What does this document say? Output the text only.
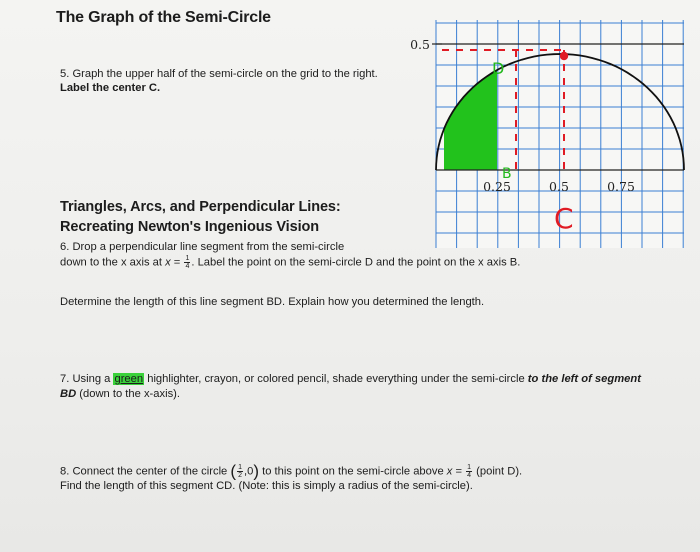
The Graph of the Semi-Circle
5. Graph the upper half of the semi-circle on the grid to the right. Label the center C.
0.5
0.25	0.5	0.75
D
B
C
Triangles, Arcs, and Perpendicular Lines:
Recreating Newton's Ingenious Vision
6. Drop a perpendicular line segment from the semi-circle
down to the x axis at $x = \frac{1}{4}$ . Label the point on the semi-circle D and the point on the x axis B.
Determine the length of this line segment BD. Explain how you determined the length.
7. Using a green highlighter, crayon, or colored pencil, shade everything under the semi-circle to the left of segment BD (down to the x-axis).
8. Connect the center of the circle ( $\frac{1}{2} ,0$) to this point on the semi-circle above $x = \frac{1}{4}$ (point D).
Find the length of this segment CD. (Note: this is simply a radius of the semi-circle).
